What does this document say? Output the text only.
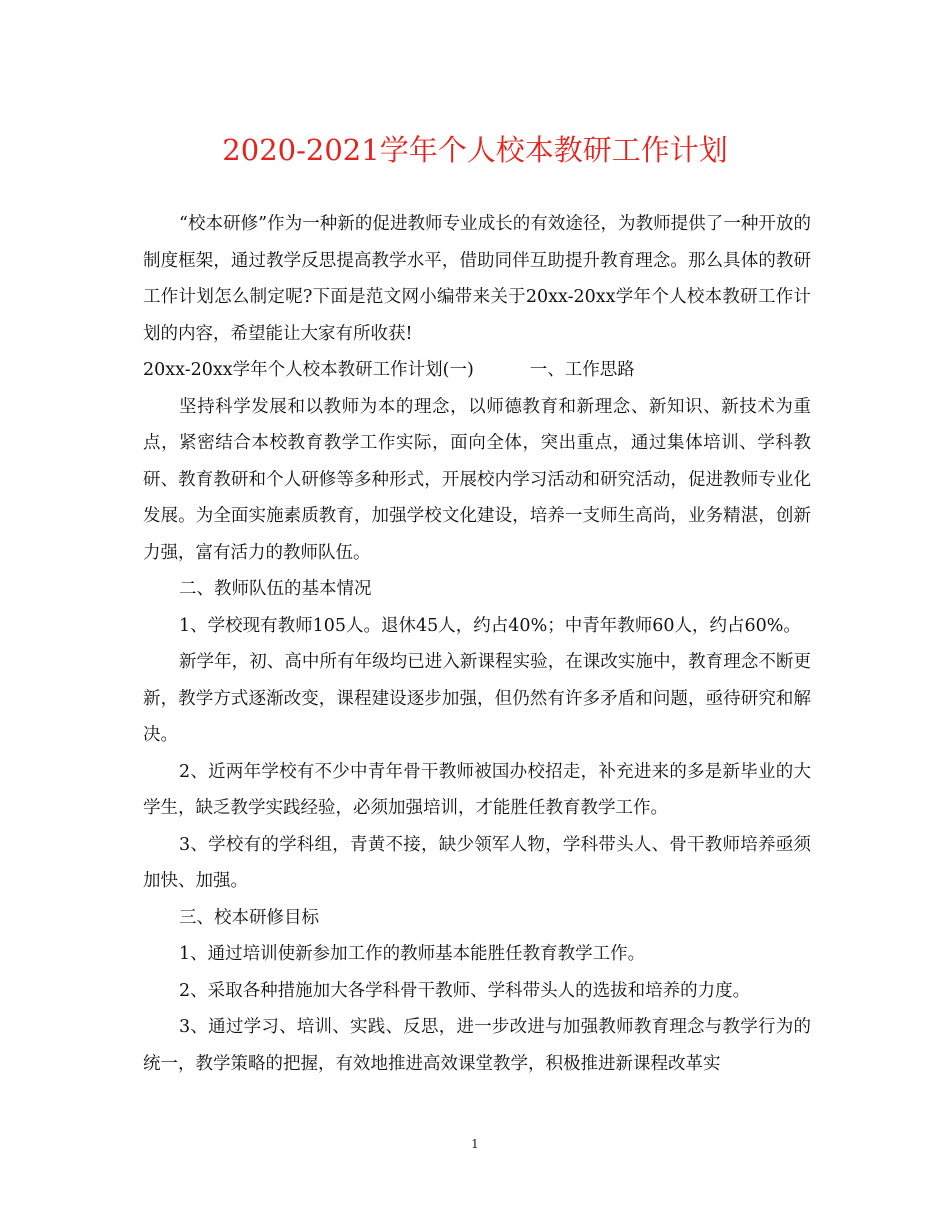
2020-2021学年个人校本教研工作计划

“校本研修”作为一种新的促进教师专业成长的有效途径，为教师提供了一种开放的制度框架，通过教学反思提高教学水平，借助同伴互助提升教育理念。那么具体的教研工作计划怎么制定呢?下面是范文网小编带来关于20xx-20xx学年个人校本教研工作计划的内容，希望能让大家有所收获!

20xx-20xx学年个人校本教研工作计划(一)	一、工作思路

坚持科学发展和以教师为本的理念，以师德教育和新理念、新知识、新技术为重点，紧密结合本校教育教学工作实际，面向全体，突出重点，通过集体培训、学科教研、教育教研和个人研修等多种形式，开展校内学习活动和研究活动，促进教师专业化发展。为全面实施素质教育，加强学校文化建设，培养一支师生高尚，业务精湛，创新力强，富有活力的教师队伍。

二、教师队伍的基本情况

1、学校现有教师105人。退休45人，约占40%；中青年教师60人，约占60%。

新学年，初、高中所有年级均已进入新课程实验，在课改实施中，教育理念不断更新，教学方式逐渐改变，课程建设逐步加强，但仍然有许多矛盾和问题，亟待研究和解决。

2、近两年学校有不少中青年骨干教师被国办校招走，补充进来的多是新毕业的大学生，缺乏教学实践经验，必须加强培训，才能胜任教育教学工作。

3、学校有的学科组，青黄不接，缺少领军人物，学科带头人、骨干教师培养亟须加快、加强。

三、校本研修目标

1、通过培训使新参加工作的教师基本能胜任教育教学工作。

2、采取各种措施加大各学科骨干教师、学科带头人的选拔和培养的力度。

3、通过学习、培训、实践、反思，进一步改进与加强教师教育理念与教学行为的统一，教学策略的把握，有效地推进高效课堂教学，积极推进新课程改革实

1
